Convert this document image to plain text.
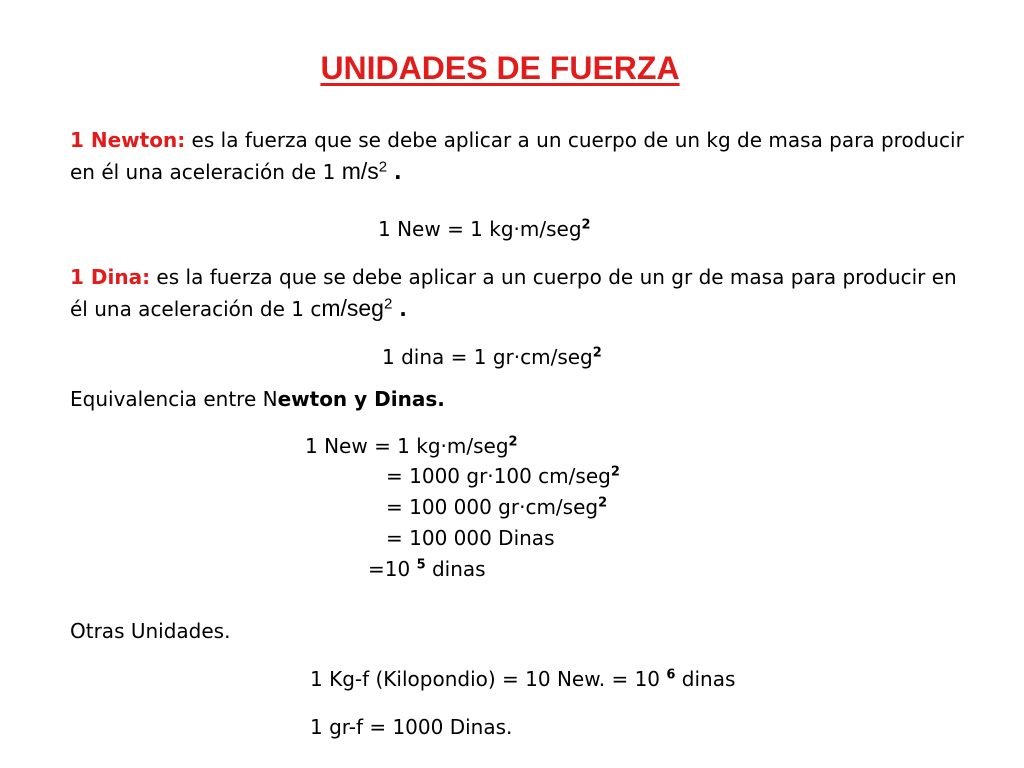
UNIDADES DE FUERZA
1 Newton: es la fuerza que se debe aplicar a un cuerpo de un kg de masa para producir
en él una aceleración de 1 $m/s^2$ .
1 New = 1 kg·m/seg$^2$
1 Dina: es la fuerza que se debe aplicar a un cuerpo de un gr de masa para producir en
él una aceleración de 1 cm/seg$^2$ .
1 dina = 1 gr·cm/seg$^2$
Equivalencia entre Newton y Dinas.
1 New = 1 kg·m/seg$^2$
= 1000 gr·100 cm/seg$^2$
= 100 000 gr·cm/seg$^2$
= 100 000 Dinas
=10 $^5$ dinas
Otras Unidades.
1 Kg-f (Kilopondio) = 10 New. = 10 $^6$ dinas
1 gr-f = 1000 Dinas.
